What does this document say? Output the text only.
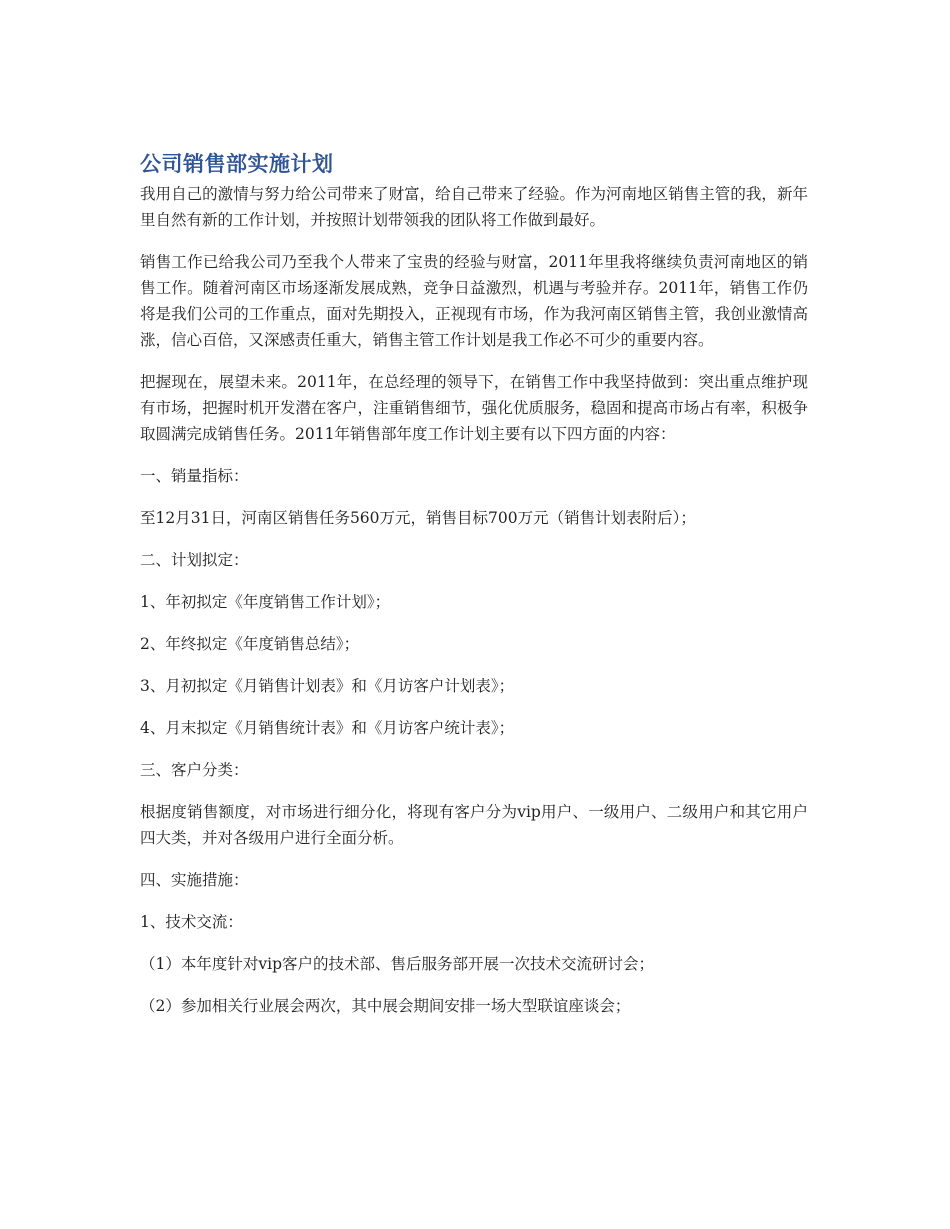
公司销售部实施计划

我用自己的激情与努力给公司带来了财富，给自己带来了经验。作为河南地区销售主管的我，新年里自然有新的工作计划，并按照计划带领我的团队将工作做到最好。

销售工作已给我公司乃至我个人带来了宝贵的经验与财富，2011年里我将继续负责河南地区的销售工作。随着河南区市场逐渐发展成熟，竞争日益激烈，机遇与考验并存。2011年，销售工作仍将是我们公司的工作重点，面对先期投入，正视现有市场，作为我河南区销售主管，我创业激情高涨，信心百倍，又深感责任重大，销售主管工作计划是我工作必不可少的重要内容。

把握现在，展望未来。2011年，在总经理的领导下，在销售工作中我坚持做到：突出重点维护现有市场，把握时机开发潜在客户，注重销售细节，强化优质服务，稳固和提高市场占有率，积极争取圆满完成销售任务。2011年销售部年度工作计划主要有以下四方面的内容：

一、销量指标：

至12月31日，河南区销售任务560万元，销售目标700万元（销售计划表附后）；

二、计划拟定：

1、年初拟定《年度销售工作计划》；

2、年终拟定《年度销售总结》；

3、月初拟定《月销售计划表》和《月访客户计划表》；

4、月末拟定《月销售统计表》和《月访客户统计表》；

三、客户分类：

根据度销售额度，对市场进行细分化，将现有客户分为vip用户、一级用户、二级用户和其它用户四大类，并对各级用户进行全面分析。

四、实施措施：

1、技术交流：

（1）本年度针对vip客户的技术部、售后服务部开展一次技术交流研讨会；

（2）参加相关行业展会两次，其中展会期间安排一场大型联谊座谈会；
